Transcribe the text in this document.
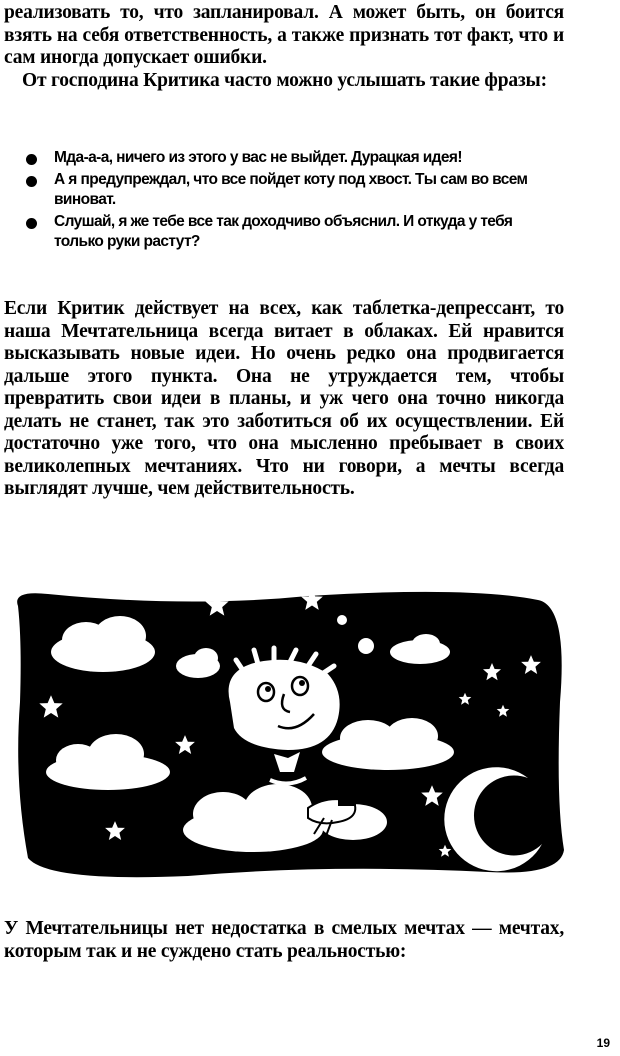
реализовать то, что запланировал. А может быть, он боится взять на себя ответственность, а также признать тот факт, что и сам иногда допускает ошибки.
От господина Критика часто можно услышать такие фразы:

Мда-а-а, ничего из этого у вас не выйдет. Дурацкая идея!
А я предупреждал, что все пойдет коту под хвост. Ты сам во всем виноват.
Слушай, я же тебе все так доходчиво объяснил. И откуда у тебя только руки растут?

Если Критик действует на всех, как таблетка-депрессант, то наша Мечтательница всегда витает в облаках. Ей нравится высказывать новые идеи. Но очень редко она продвигается дальше этого пункта. Она не утруждается тем, чтобы превратить свои идеи в планы, и уж чего она точно никогда делать не станет, так это заботиться об их осуществлении. Ей достаточно уже того, что она мысленно пребывает в своих великолепных мечтаниях. Что ни говори, а мечты всегда выглядят лучше, чем действительность.

У Мечтательницы нет недостатка в смелых мечтах — мечтах, которым так и не суждено стать реальностью:

19
